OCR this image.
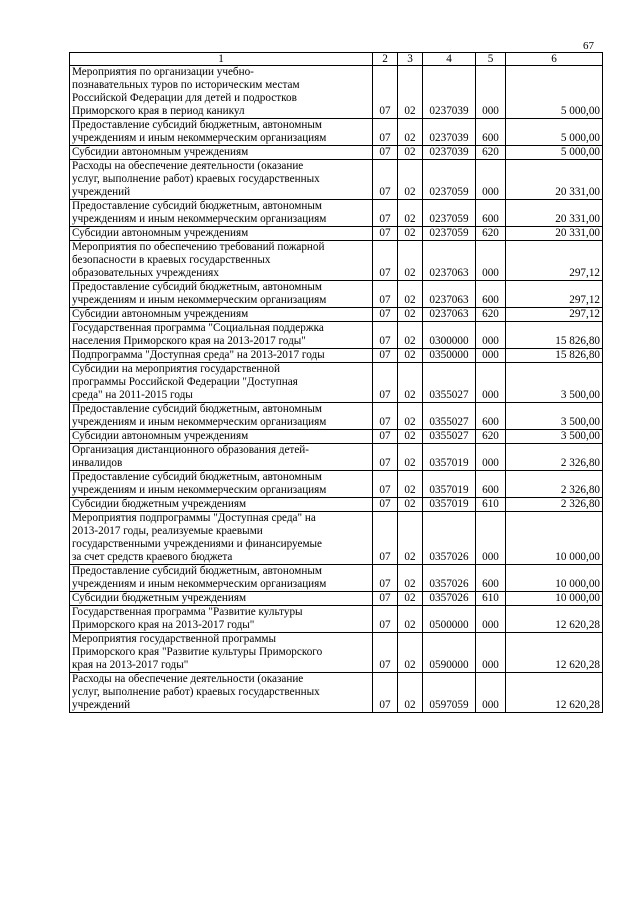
67
1	2	3	4	5	6

Мероприятия по организации учебно-
познавательных туров по историческим местам
Российской Федерации для детей и подростков
Приморского края в период каникул	07	02	0237039	000	5 000,00

Предоставление субсидий бюджетным, автономным
учреждениям и иным некоммерческим организациям	07	02	0237039	600	5 000,00

Субсидии автономным учреждениям	07	02	0237039	620	5 000,00

Расходы на обеспечение деятельности (оказание
услуг, выполнение работ) краевых государственных
учреждений	07	02	0237059	000	20 331,00

Предоставление субсидий бюджетным, автономным
учреждениям и иным некоммерческим организациям	07	02	0237059	600	20 331,00

Субсидии автономным учреждениям	07	02	0237059	620	20 331,00

Мероприятия по обеспечению требований пожарной
безопасности в краевых государственных
образовательных учреждениях	07	02	0237063	000	297,12

Предоставление субсидий бюджетным, автономным
учреждениям и иным некоммерческим организациям	07	02	0237063	600	297,12

Субсидии автономным учреждениям	07	02	0237063	620	297,12

Государственная программа "Социальная поддержка
населения Приморского края на 2013-2017 годы"	07	02	0300000	000	15 826,80

Подпрограмма "Доступная среда" на 2013-2017 годы	07	02	0350000	000	15 826,80

Субсидии на мероприятия государственной
программы Российской Федерации "Доступная
среда" на 2011-2015 годы	07	02	0355027	000	3 500,00

Предоставление субсидий бюджетным, автономным
учреждениям и иным некоммерческим организациям	07	02	0355027	600	3 500,00

Субсидии автономным учреждениям	07	02	0355027	620	3 500,00

Организация дистанционного образования детей-
инвалидов	07	02	0357019	000	2 326,80

Предоставление субсидий бюджетным, автономным
учреждениям и иным некоммерческим организациям	07	02	0357019	600	2 326,80

Субсидии бюджетным учреждениям	07	02	0357019	610	2 326,80

Мероприятия подпрограммы "Доступная среда" на
2013-2017 годы, реализуемые краевыми
государственными учреждениями и финансируемые
за счет средств краевого бюджета	07	02	0357026	000	10 000,00

Предоставление субсидий бюджетным, автономным
учреждениям и иным некоммерческим организациям	07	02	0357026	600	10 000,00

Субсидии бюджетным учреждениям	07	02	0357026	610	10 000,00

Государственная программа "Развитие культуры
Приморского края на 2013-2017 годы"	07	02	0500000	000	12 620,28

Мероприятия государственной программы
Приморского края "Развитие культуры Приморского
края на 2013-2017 годы"	07	02	0590000	000	12 620,28

Расходы на обеспечение деятельности (оказание
услуг, выполнение работ) краевых государственных
учреждений	07	02	0597059	000	12 620,28
